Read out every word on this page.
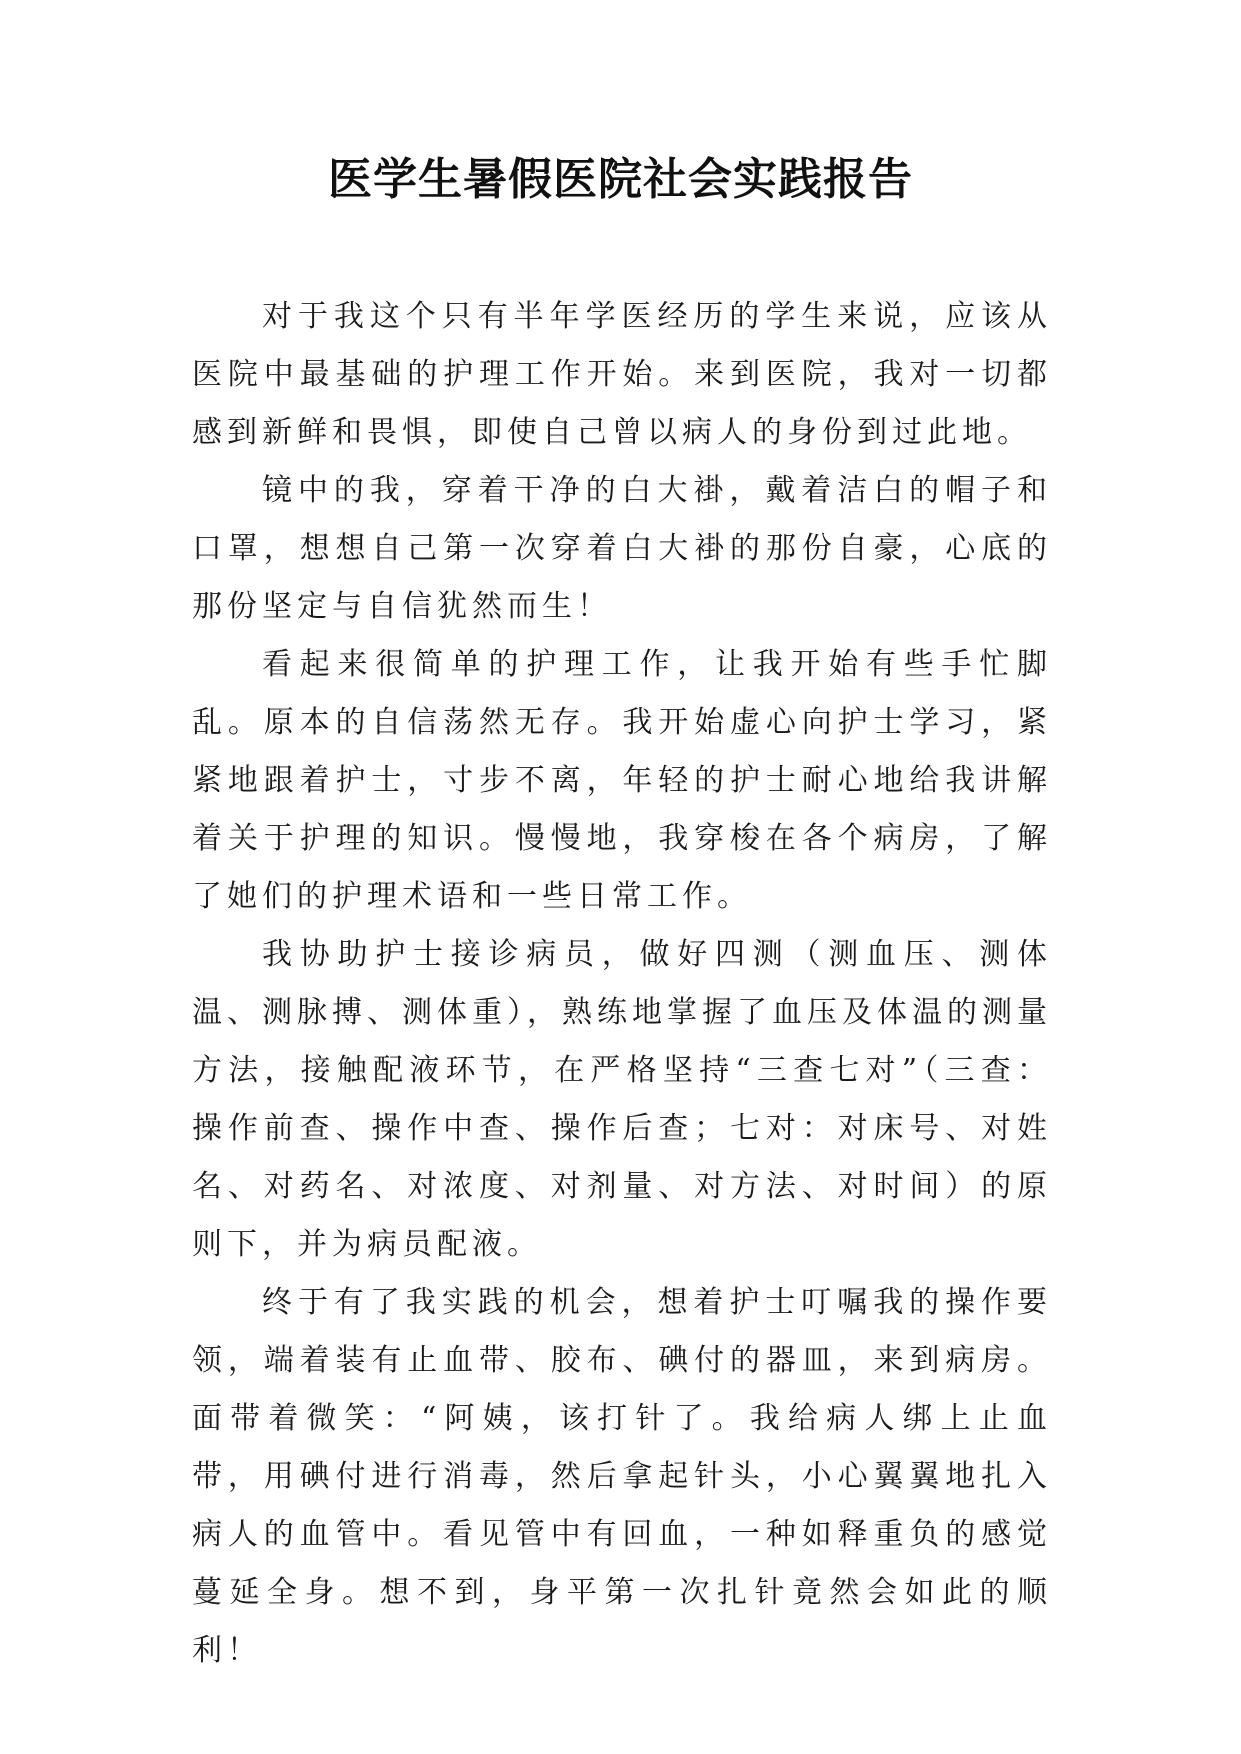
医学生暑假医院社会实践报告

对于我这个只有半年学医经历的学生来说，应该从医院中最基础的护理工作开始。来到医院，我对一切都感到新鲜和畏惧，即使自己曾以病人的身份到过此地。

镜中的我，穿着干净的白大褂，戴着洁白的帽子和口罩，想想自己第一次穿着白大褂的那份自豪，心底的那份坚定与自信犹然而生！

看起来很简单的护理工作，让我开始有些手忙脚乱。原本的自信荡然无存。我开始虚心向护士学习，紧紧地跟着护士，寸步不离，年轻的护士耐心地给我讲解着关于护理的知识。慢慢地，我穿梭在各个病房，了解了她们的护理术语和一些日常工作。

我协助护士接诊病员，做好四测（测血压、测体温、测脉搏、测体重），熟练地掌握了血压及体温的测量方法，接触配液环节，在严格坚持“三查七对”（三查：操作前查、操作中查、操作后查；七对：对床号、对姓名、对药名、对浓度、对剂量、对方法、对时间）的原则下，并为病员配液。

终于有了我实践的机会，想着护士叮嘱我的操作要领，端着装有止血带、胶布、碘付的器皿，来到病房。面带着微笑：“阿姨，该打针了。我给病人绑上止血带，用碘付进行消毒，然后拿起针头，小心翼翼地扎入病人的血管中。看见管中有回血，一种如释重负的感觉蔓延全身。想不到，身平第一次扎针竟然会如此的顺利！
